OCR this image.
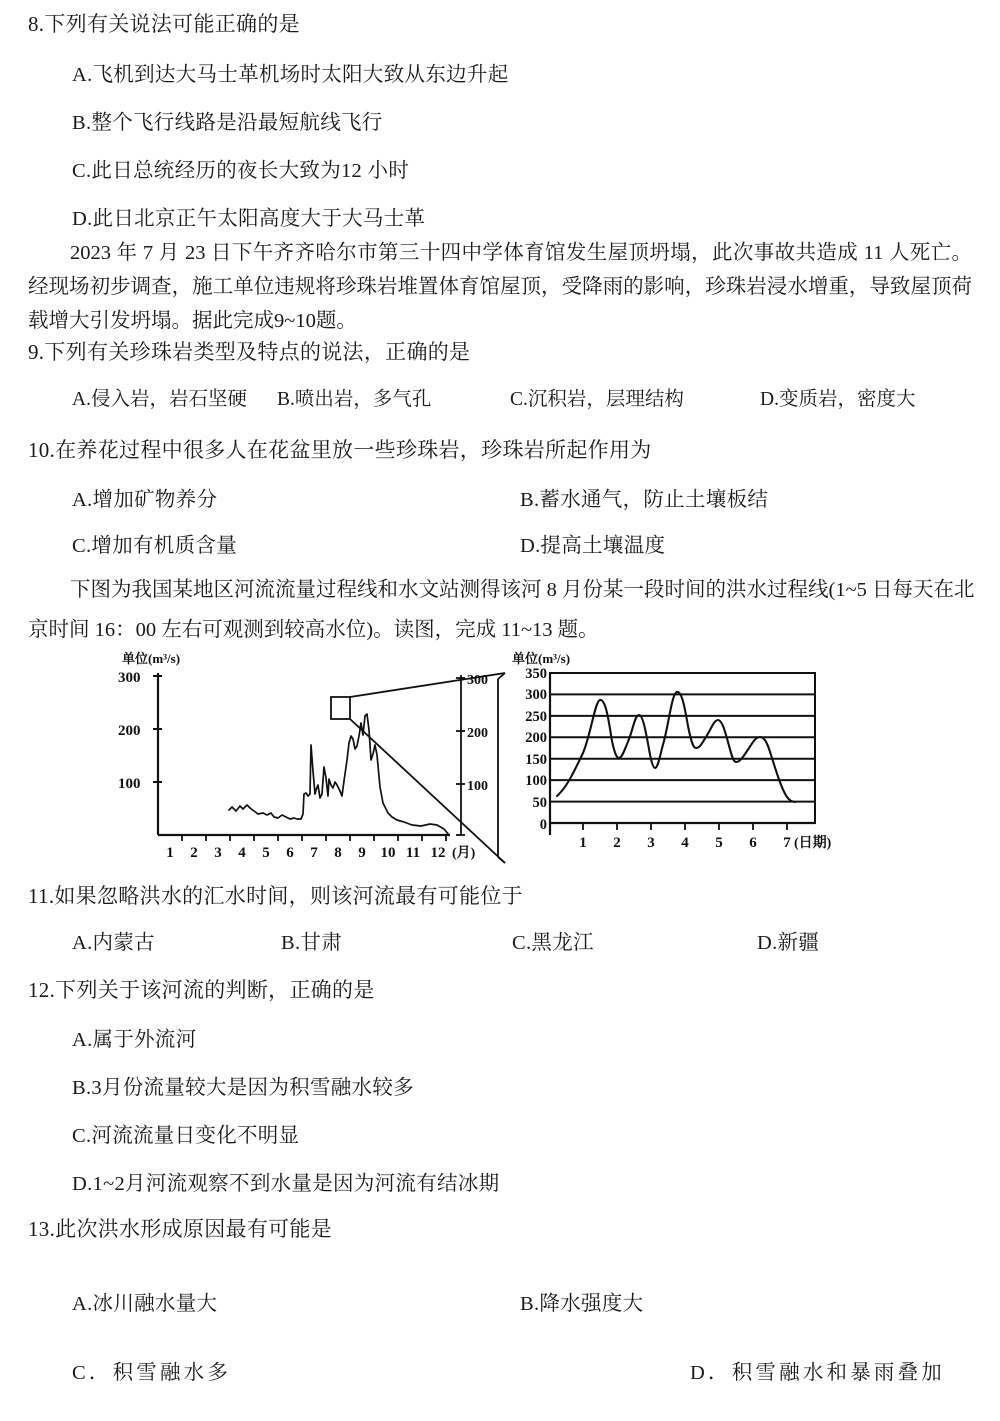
8.下列有关说法可能正确的是
A.飞机到达大马士革机场时太阳大致从东边升起
B.整个飞行线路是沿最短航线飞行
C.此日总统经历的夜长大致为12 小时
D.此日北京正午太阳高度大于大马士革
2023 年 7 月 23 日下午齐齐哈尔市第三十四中学体育馆发生屋顶坍塌，此次事故共造成 11 人死亡。 经现场初步调查，施工单位违规将珍珠岩堆置体育馆屋顶，受降雨的影响，珍珠岩浸水增重，导致屋顶荷载增大引发坍塌。据此完成9~10题。
9.下列有关珍珠岩类型及特点的说法，正确的是
A.侵入岩，岩石坚硬 B.喷出岩，多气孔	C.沉积岩，层理结构	D.变质岩，密度大
10.在养花过程中很多人在花盆里放一些珍珠岩，珍珠岩所起作用为
A.增加矿物养分	B.蓄水通气，防止土壤板结
C.增加有机质含量	D.提高土壤温度
下图为我国某地区河流流量过程线和水文站测得该河 8 月份某一段时间的洪水过程线(1~5 日每天在北京时间 16：00 左右可观测到较高水位)。读图，完成 11~13 题。
单位(m³/s)
300
200
100
1 2 3 4 5 6 7 8 9 10 11 12 (月)
300
200
100
单位(m³/s)
350
300
250
200
150
100
50
0
1 2 3 4 5 6 7 (日期)
11.如果忽略洪水的汇水时间，则该河流最有可能位于
A.内蒙古	B.甘肃	C.黑龙江	D.新疆
12.下列关于该河流的判断，正确的是
A.属于外流河
B.3月份流量较大是因为积雪融水较多
C.河流流量日变化不明显
D.1~2月河流观察不到水量是因为河流有结冰期
13.此次洪水形成原因最有可能是
A.冰川融水量大	B.降水强度大
C．积雪融水多	D．积雪融水和暴雨叠加
